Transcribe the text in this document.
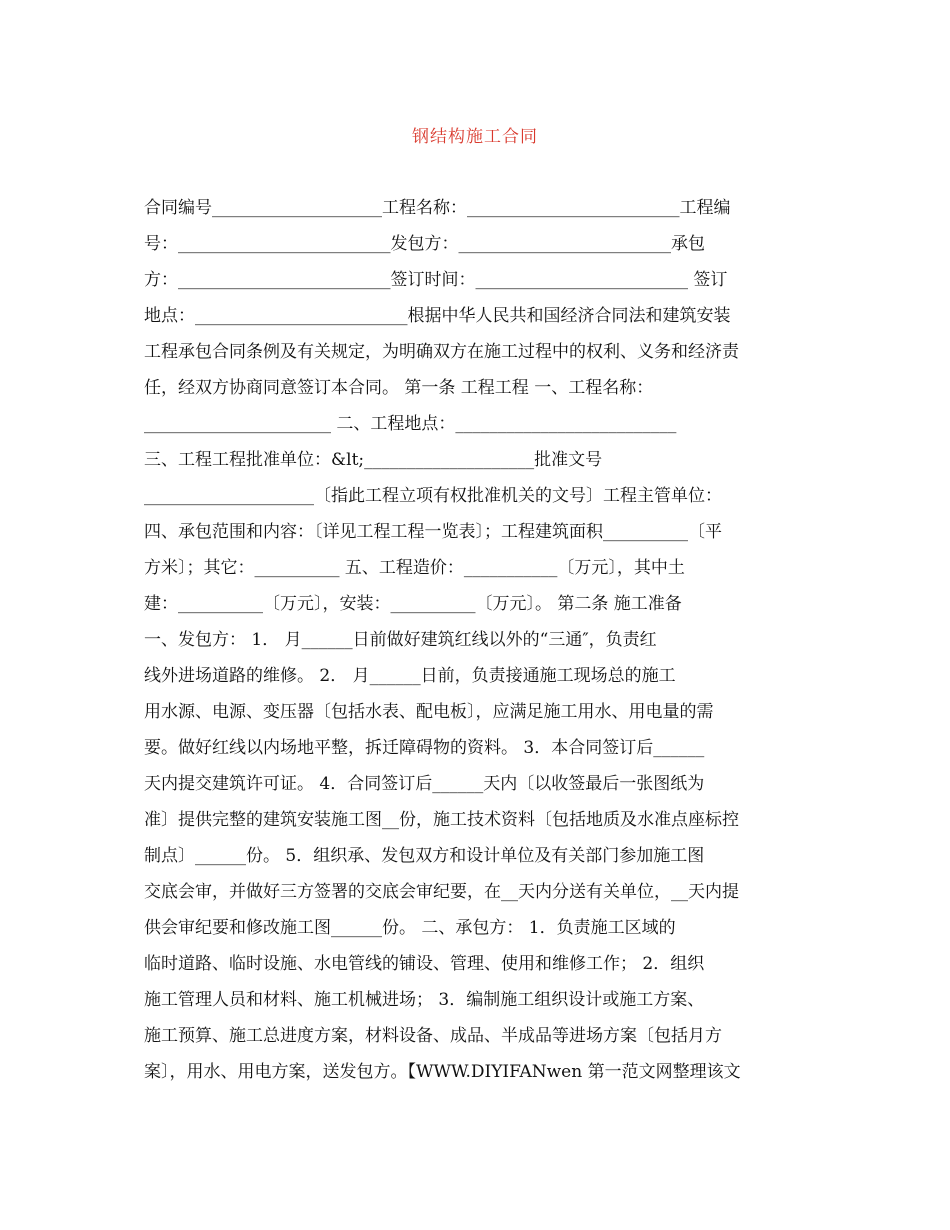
钢结构施工合同
合同编号____________________工程名称：_________________________工程编
号：_________________________发包方：_________________________承包
方：_________________________签订时间：_________________________ 签订
地点：_________________________根据中华人民共和国经济合同法和建筑安装
工程承包合同条例及有关规定，为明确双方在施工过程中的权利、义务和经济责
任，经双方协商同意签订本合同。 第一条 工程工程 一、工程名称：
______________________ 二、工程地点：__________________________
三、工程工程批准单位：&lt;____________________批准文号
____________________〔指此工程立项有权批准机关的文号〕工程主管单位：
四、承包范围和内容：〔详见工程工程一览表〕；工程建筑面积__________〔平
方米〕；其它：__________ 五、工程造价：___________〔万元〕，其中土
建：__________〔万元〕，安装：__________〔万元〕。 第二条 施工准备
一、发包方： 1． 月______日前做好建筑红线以外的“三通″，负责红
线外进场道路的维修。 2． 月______日前，负责接通施工现场总的施工
用水源、电源、变压器〔包括水表、配电板〕，应满足施工用水、用电量的需
要。做好红线以内场地平整，拆迁障碍物的资料。 3．本合同签订后______
天内提交建筑许可证。 4．合同签订后______天内〔以收签最后一张图纸为
准〕提供完整的建筑安装施工图__份，施工技术资料〔包括地质及水准点座标控
制点〕______份。 5．组织承、发包双方和设计单位及有关部门参加施工图
交底会审，并做好三方签署的交底会审纪要，在__天内分送有关单位，__天内提
供会审纪要和修改施工图______份。 二、承包方： 1．负责施工区域的
临时道路、临时设施、水电管线的铺设、管理、使用和维修工作； 2．组织
施工管理人员和材料、施工机械进场； 3．编制施工组织设计或施工方案、
施工预算、施工总进度方案，材料设备、成品、半成品等进场方案〔包括月方
案〕，用水、用电方案，送发包方。【WWW.DIYIFANwen 第一范文网整理该文
